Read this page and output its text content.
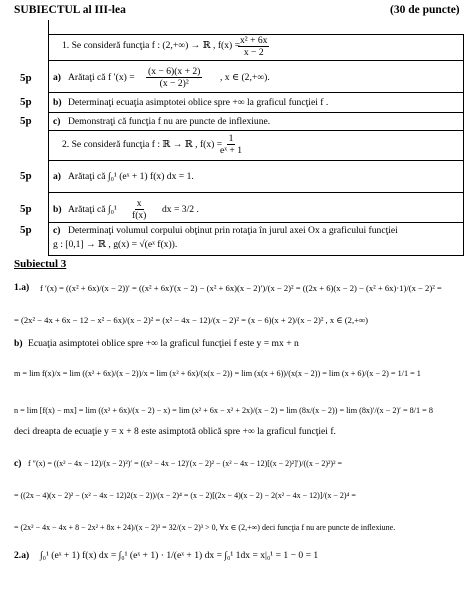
SUBIECTUL al III-lea	(30 de puncte)
1. Se consideră funcţia f : (2,+∞) → ℝ , f(x) =
$\frac{\text{x² + 6x}}{x - 2}$
5p a) Arătaţi că f $'(x) = \frac{(x - 6)(x + 2)}{\text{(x − 2)²}}$ , x ∈ (2,+∞).
5p b) Determinaţi ecuaţia asimptotei oblice spre +∞ la graficul funcţiei f .
5p c) Demonstraţi că funcţia f nu are puncte de inflexiune.
2. Se consideră funcţia f : ℝ → ℝ , f(x) =
$\frac{1}{\text{eˣ + 1}}$
5p a) Arătaţi că ∫₀¹ (eˣ + 1) f(x) dx = 1.
5p b) Arătaţi că $\int_0^1 \frac{x}{f(x)}$ dx = 3/2 .
5p c) Determinaţi volumul corpului obţinut prin rotaţia în jurul axei Ox a graficului funcţiei
g : [0,1] → ℝ , g(x) = √(eˣ f(x)).
Subiectul 3
1.a) f ′(x) = ((x² + 6x)/(x − 2))′ = ((x² + 6x)′(x − 2) − (x² + 6x)(x − 2)′)/(x − 2)² = ((2x + 6)(x − 2) − (x² + 6x)·1)/(x − 2)² =
= (2x² − 4x + 6x − 12 − x² − 6x)/(x − 2)² = (x² − 4x − 12)/(x − 2)² = (x − 6)(x + 2)/(x − 2)² , x ∈ (2,+∞)
b) Ecuaţia asimptotei oblice spre +∞ la graficul funcţiei f este y = mx + n
m = lim f(x)/x = lim ((x² + 6x)/(x − 2))/x = lim (x² + 6x)/(x(x − 2)) = lim (x(x + 6))/(x(x − 2)) = lim (x + 6)/(x − 2) = 1/1 = 1
n = lim [f(x) − mx] = lim ((x² + 6x)/(x − 2) − x) = lim (x² + 6x − x² + 2x)/(x − 2) = lim (8x/(x − 2)) = lim (8x)′/(x − 2)′ = 8/1 = 8
deci dreapta de ecuaţie y = x + 8 este asimptotă oblică spre +∞ la graficul funcţiei f.
c) f ″(x) = ((x² − 4x − 12)/(x − 2)²)′ = ((x² − 4x − 12)′(x − 2)² − (x² − 4x − 12)[(x − 2)²]′)/((x − 2)²)² =
= ((2x − 4)(x − 2)² − (x² − 4x − 12)2(x − 2))/(x − 2)⁴ = (x − 2)[(2x − 4)(x − 2) − 2(x² − 4x − 12)]/(x − 2)⁴ =
= (2x² − 4x − 4x + 8 − 2x² + 8x + 24)/(x − 2)³ = 32/(x − 2)³ > 0, ∀x ∈ (2,+∞) deci funcţia f nu are puncte de inflexiune.
2.a) ∫₀¹ (eˣ + 1) f(x) dx = ∫₀¹ (eˣ + 1) · 1/(eˣ + 1) dx = ∫₀¹ 1dx = x|₀¹ = 1 − 0 = 1
